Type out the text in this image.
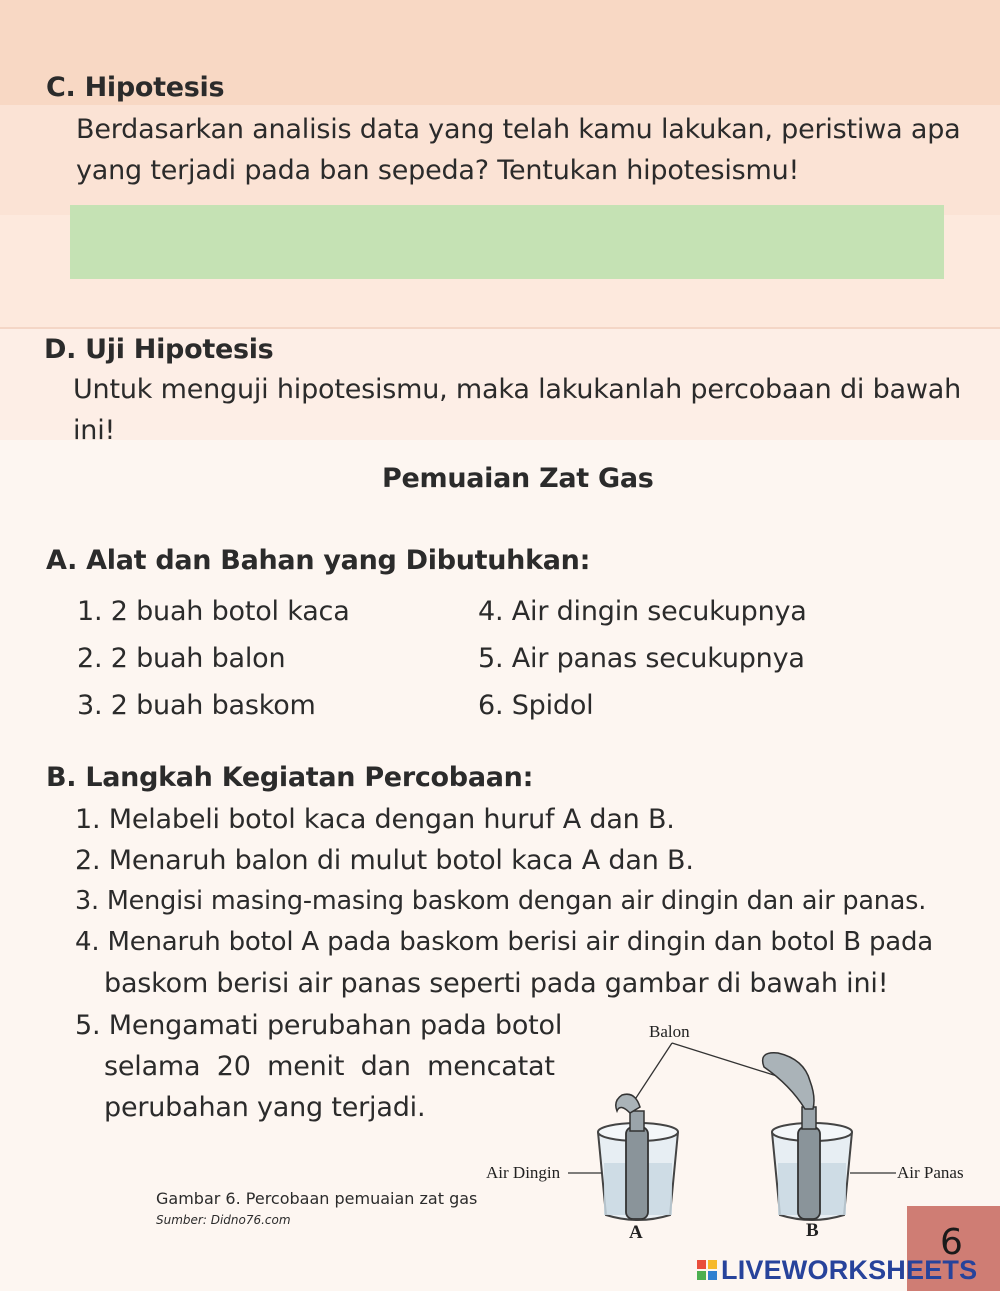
C. Hipotesis
Berdasarkan analisis data yang telah kamu lakukan, peristiwa apa
yang terjadi pada ban sepeda? Tentukan hipotesismu!
D. Uji Hipotesis
Untuk menguji hipotesismu, maka lakukanlah percobaan di bawah
ini!
Pemuaian Zat Gas
A. Alat dan Bahan yang Dibutuhkan:
1. 2 buah botol kaca
2. 2 buah balon
3. 2 buah baskom
4. Air dingin secukupnya
5. Air panas secukupnya
6. Spidol
B. Langkah Kegiatan Percobaan:
1. Melabeli botol kaca dengan huruf A dan B.
2. Menaruh balon di mulut botol kaca A dan B.
3. Mengisi masing-masing baskom dengan air dingin dan air panas.
4. Menaruh botol A pada baskom berisi air dingin dan botol B pada
baskom berisi air panas seperti pada gambar di bawah ini!
5. Mengamati perubahan pada botol
selama 20 menit dan mencatat
perubahan yang terjadi.
Balon
Air Dingin	Air Panas
A	B
Gambar 6. Percobaan pemuaian zat gas
Sumber: Didno76.com
6
LIVEWORKSHEETS
